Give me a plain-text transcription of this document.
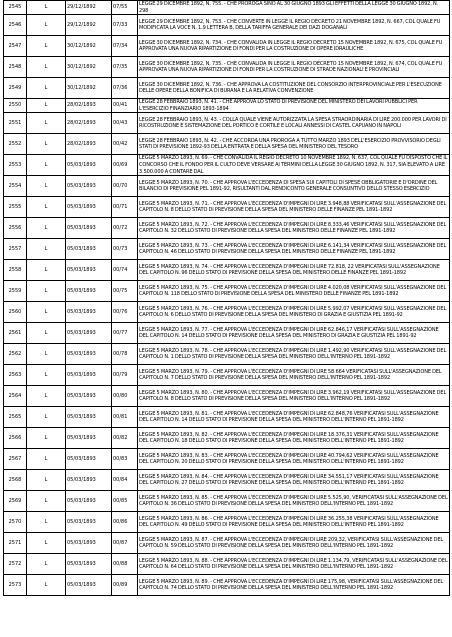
2545	L	29/12/1892	07/55	LEGGE 29 DICEMBRE 1892, N. 755. - CHE PROROGA SINO AL 30 GIUGNO 1893 GLI EFFETTI DELLA LEGGE 30 GIUGNO 1892, N. 298

2546	L	29/12/1892	07/33	LEGGE 29 DICEMBRE 1892, N. 753. - CHE CONVERTE IN LEGGE IL REGIO DECRETO 21 NOVEMBRE 1892, N. 667, COL QUALE FU MODIFICATA LA VOCE N. 1.9 LETTERA B, DELLA TARIFFA GENERALE DEI DAZI DOGANALI

2547	L	30/12/1892	07/34	LEGGE 30 DICEMBRE 1892, N. 734. - CHE CONVALIDA IN LEGGE IL REGIO DECRETO 15 NOVEMBRE 1892, N. 675, COL QUALE FU APPROVATA UNA NUOVA RIPARTIZIONE DI FONDI PER LA COSTRUZIONE DI OPERE IDRAULICHE

2548	L	30/12/1892	07/35	LEGGE 30 DICEMBRE 1892, N. 735. - CHE CONVALIDA IN LEGGE IL REGIO DECRETO 15 NOVEMBRE 1892, N. 674, COL QUALE FU APPROVATA UNA NUOVA RIPARTIZIONE DI FONDI PER LA COSTRUZIONE DI STRADE NAZIONALI E PROVINCIALI

2549	L	30/12/1892	07/36	LEGGE 30 DICEMBRE 1892, N. 736. - CHE APPROVA LA COSTITUZIONE DEL CONSORZIO INTERPROVINCIALE PER L'ESECUZIONE DELLE OPERE DELLA BONIFICA DI BURANA E LA RELATIVA CONVENZIONE

2550	L	28/02/1893	00/41	LEGGE 28 FEBBRAIO 1893, N. 41. - CHE APPROVA LO STATO DI PREVISIONE DEL MINISTERO DEI LAVORI PUBBLICI PER L'ESERCIZIO FINANZIARIO 1893-1894

2551	L	28/02/1893	00/43	LEGGE 28 FEBBRAIO 1893, N. 43. - COLLA QUALE VIENE AUTORIZZATA LA SPESA STRAORDINARIA DI LIRE 200.000 PER LAVORI DI RICOSTRUZIONE E SISTEMAZIONE DEL PORTICO E CORTILE E LOCALI ANNESSI DI CASTEL CAPUANO IN NAPOLI

2552	L	28/02/1893	00/42	LEGGE 28 FEBBRAIO 1893, N. 42. - CHE ACCORDA UNA PROROGA A TUTTO MARZO 1893 DELL'ESERCIZIO PROVVISORIO DEGLI STATI DI PREVISIONE 1892-93 DELLA ENTRATA E DELLA SPESA DEL MINISTERO DEL TESORO

2553	L	05/03/1893	00/69	LEGGE 5 MARZO 1893, N. 69. - CHE CONVALIDA IL REGIO DECRETO 10 NOVEMBRE 1892, N. 637, COL QUALE FU DISPOSTO CHE IL CONCORSO CHE IL FONDO PER IL CULTO DEVE VERSARE AI TERMINI DELLA LEGGE 30 GIUGNO 1892, N. 317, SIA ELEVATO A LIRE 3.500.000 A CONTARE DAL

2554	L	05/03/1893	00/70	LEGGE 5 MARZO 1893, N. 70. - CHE APPROVA L'ECCEDENZA DI SPESA SUI CAPITOLI DI SPESE OBBLIGATORIE E D'ORDINE DEL BILANCIO DI PREVISIONE PEL 1891-92, RISULTANTI DAL RENDICONTO GENERALE CONSUNTIVO DELLO STESSO ESERCIZIO

2555	L	05/03/1893	00/71	LEGGE 5 MARZO 1893, N. 71. - CHE APPROVA L'ECCEDENZA D'IMPEGNI DI LIRE 3.948,88 VERIFICATASI SULL'ASSEGNAZIONE DEL CAPITOLO N. 8 DELLO STATO DI PREVISIONE DELLA SPESA DEL MINISTERO DELLE FINANZE PEL 1891-1892

2556	L	05/03/1893	00/72	LEGGE 5 MARZO 1893, N. 72. - CHE APPROVA L'ECCEDENZA D'IMPEGNI DI LIRE 8.333,46 VERIFICATASI SULL'ASSEGNAZIONE DEL CAPITOLO N. 32 DELLO STATO DI PREVISIONE DELLA SPESA DEL MINISTERO DELLE FINANZE PEL 1891-1892

2557	L	05/03/1893	00/73	LEGGE 5 MARZO 1893, N. 73. - CHE APPROVA L'ECCEDENZA D'IMPEGNI DI LIRE 6.141,34 VERIFICATASI SULL'ASSEGNAZIONE DEL CAPITOLO N. 46 DELLO STATO DI PREVISIONE DELLA SPESA DEL MINISTERO DELLE FINANZE PEL 1891-1892

2558	L	05/03/1893	00/74	LEGGE 5 MARZO 1893, N. 74. - CHE APPROVA L'ECCEDENZA D'IMPEGNI DI LIRE 72.818, 22 VERIFICATASI SULL'ASSEGNAZIONE DEL CAPITOLO N. 96 DELLO STATO DI PREVISIONE DELLA SPESA DEL MINISTERO DELLE FINANZE PEL 1891-1892

2559	L	05/03/1893	00/75	LEGGE 5 MARZO 1893, N. 75. - CHE APPROVA L'ECCEDENZA D'IMPEGNI DI LIRE 4.020,08 VERIFICATASI SULL'ASSEGNAZIONE DEL CAPITOLO N. 118 DELLO STATO DI PREVISIONE DELLA SPESA DEL MINISTERO DELLE FINANZE PEL 1891-1892

2560	L	05/03/1893	00/76	LEGGE 5 MARZO 1893, N. 76. - CHE APPROVA L'ECCEDENZA D'IMPEGNI DI LIRE 5.992,07 VERIFICATASI SULL'ASSEGNAZIONE DEL CAPITOLO N. 6 DELLO STATO DI PREVISIONE DELLA SPESA DEL MINISTERO DI GRAZIA E GIUSTIZIA PEL 1891-92

2561	L	05/03/1893	00/77	LEGGE 5 MARZO 1893, N. 77. - CHE APPROVA L'ECCEDENZA D'IMPEGNI DI LIRE 62.846,17 VERIFICATASI SULL'ASSEGNAZIONE DEL CAPITOLO N. 14 DELLO STATO DI PREVISIONE DELLA SPESA DEL MINISTERO DI GRAZIA E GIUSTIZIA PEL 1891-92

2562	L	05/03/1893	00/78	LEGGE 5 MARZO 1893, N. 78. - CHE APPROVA L'ECCEDENZA D'IMPEGNI DI LIRE 1.492,90 VERIFICATASI SULL'ASSEGNAZIONE DEL CAPITOLO N. 1 DELLO STATO DI PREVISIONE DELLA SPESA DEL MINISTERO DELL'INTERNO PEL 1891-1892

2563	L	05/03/1893	00/79	LEGGE 5 MARZO 1893, N. 79. - CHE APPROVA L'ECCEDENZA D'IMPEGNI DI LIRE 58.664 VERIFICATASI SULL'ASSEGNAZIONE DEL CAPITOLO N. 7 DELLO STATO DI PREVISIONE DELLA SPESA DEL MINISTERO DELL'INTERNO PEL 1891-1892

2564	L	05/03/1893	00/80	LEGGE 5 MARZO 1893, N. 80. - CHE APPROVA L'ECCEDENZA D'IMPEGNI DI LIRE 3.962,19 VERIFICATASI SULL'ASSEGNAZIONE DEL CAPITOLO N. 8 DELLO STATO DI PREVISIONE DELLA SPESA DEL MINISTERO DELL'INTERNO PEL 1891-1892

2565	L	05/03/1893	00/81	LEGGE 5 MARZO 1893, N. 81. - CHE APPROVA L'ECCEDENZA D'IMPEGNI DI LIRE 62.848,76 VERIFICATASI SULL'ASSEGNAZIONE DEL CAPITOLO N. 14 DELLO STATO DI PREVISIONE DELLA SPESA DEL MINISTERO DELL'INTERNO PEL 1891-1892

2566	L	05/03/1893	00/82	LEGGE 5 MARZO 1893, N. 82. - CHE APPROVA L'ECCEDENZA D'IMPEGNI DI LIRE 18.376,31 VERIFICATASI SULL'ASSEGNAZIONE DEL CAPITOLO N. 18 DELLO STATO DI PREVISIONE DELLA SPESA DEL MINISTERO DELL'INTERNO PEL 1891-1892

2567	L	05/03/1893	00/83	LEGGE 5 MARZO 1893, N. 83. - CHE APPROVA L'ECCEDENZA D'IMPEGNI DI LIRE 40.794,62 VERIFICATASI SULL'ASSEGNAZIONE DEL CAPITOLO N. 20 DELLO STATO DI PREVISIONE DELLA SPESA DEL MINISTERO DELL'INTERNO PEL 1891-1892

2568	L	05/03/1893	00/84	LEGGE 5 MARZO 1893, N. 84. - CHE APPROVA L'ECCEDENZA D'IMPEGNI DI LIRE 34.551,17 VERIFICATASI SULL'ASSEGNAZIONE DEL CAPITOLO N. 27 DELLO STATO DI PREVISIONE DELLA SPESA DEL MINISTERO DELL'INTERNO PEL 1891-1892

2569	L	05/03/1893	00/85	LEGGE 5 MARZO 1893, N. 85. - CHE APPROVA L'ECCEDENZA D'IMPEGNI DI LIRE 5.525,90, VERIFICATASI SULL'ASSEGNAZIONE DEL CAPITOLO N. 36 DELLO STATO DI PREVISIONE DELLA SPESA DEL MINISTERO DELL'INTERNO PEL 1891-1892

2570	L	05/03/1893	00/86	LEGGE 5 MARZO 1893, N. 86. - CHE APPROVA L'ECCEDENZA D'IMPEGNI DI LIRE 36.255,38 VERIFICATASI SULL'ASSEGNAZIONE DEL CAPITOLO N. 49 DELLO STATO DI PREVISIONE DELLA SPESA DEL MINISTERO DELL'INTERNO PEL 1891-1892

2571	L	05/03/1893	00/87	LEGGE 5 MARZO 1893, N. 87. - CHE APPROVA L'ECCEDENZA D'IMPEGNI DI LIRE 209,32, VERIFICATASI SULL'ASSEGNAZIONE DEL CAPITOLO N. 59 DELLO STATO DI PREVISIONE DELLA SPESA DEL MINISTERO DELL'INTERNO PEL 1891-1892

2572	L	05/03/1893	00/88	LEGGE 5 MARZO 1893, N. 88. - CHE APPROVA L'ECCEDENZA D'IMPEGNI DI LIRE 1.134,79, VERIFICATASI SULL'ASSEGNAZIONE DEL CAPITOLO N. 64 DELLO STATO DI PREVISIONE DELLA SPESA DEL MINISTERO DELL'INTERNO PEL 1891-1892

2573	L	05/03/1893	00/89	LEGGE 5 MARZO 1893, N. 89. - CHE APPROVA L'ECCEDENZA D'IMPEGNI DI LIRE 175,98, VERIFICATASI SULL'ASSEGNAZIONE DEL CAPITOLO N. 74 DELLO STATO DI PREVISIONE DELLA SPESA DEL MINISTERO DELL'INTERNO PEL 1891-1892
